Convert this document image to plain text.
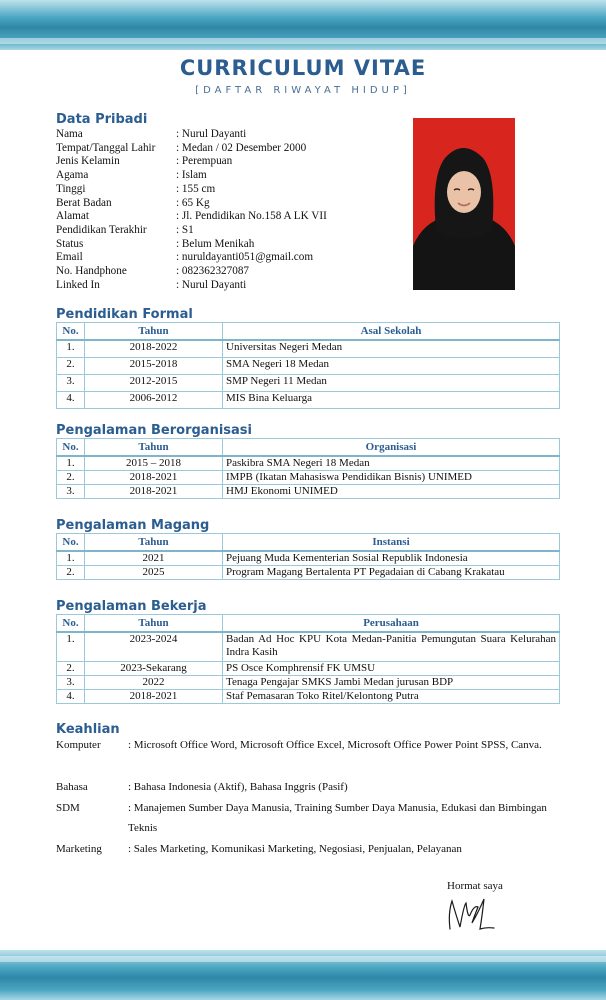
CURRICULUM VITAE
[DAFTAR RIWAYAT HIDUP]
Data Pribadi
Nama	: Nurul Dayanti
Tempat/Tanggal Lahir	: Medan / 02 Desember 2000
Jenis Kelamin	: Perempuan
Agama	: Islam
Tinggi	: 155 cm
Berat Badan	: 65 Kg
Alamat	: Jl. Pendidikan No.158 A LK VII
Pendidikan Terakhir	: S1
Status	: Belum Menikah
Email	: nuruldayanti051@gmail.com
No. Handphone	: 082362327087
Linked In	: Nurul Dayanti
Pendidikan Formal
No.	Tahun	Asal Sekolah
1.	2018-2022	Universitas Negeri Medan
2.	2015-2018	SMA Negeri 18 Medan
3.	2012-2015	SMP Negeri 11 Medan
4.	2006-2012	MIS Bina Keluarga
Pengalaman Berorganisasi
No.	Tahun	Organisasi
1.	2015 – 2018	Paskibra SMA Negeri 18 Medan
2.	2018-2021	IMPB (Ikatan Mahasiswa Pendidikan Bisnis) UNIMED
3.	2018-2021	HMJ Ekonomi UNIMED
Pengalaman Magang
No.	Tahun	Instansi
1.	2021	Pejuang Muda Kementerian Sosial Republik Indonesia
2.	2025	Program Magang Bertalenta PT Pegadaian di Cabang Krakatau
Pengalaman Bekerja
No.	Tahun	Perusahaan
1.	2023-2024	Badan Ad Hoc KPU Kota Medan-Panitia Pemungutan Suara Kelurahan Indra Kasih
2.	2023-Sekarang	PS Osce Komphrensif FK UMSU
3.	2022	Tenaga Pengajar SMKS Jambi Medan jurusan BDP
4.	2018-2021	Staf Pemasaran Toko Ritel/Kelontong Putra
Keahlian
Komputer	: Microsoft Office Word, Microsoft Office Excel, Microsoft Office Power Point SPSS, Canva.
Bahasa	: Bahasa Indonesia (Aktif), Bahasa Inggris (Pasif)
SDM	: Manajemen Sumber Daya Manusia, Training Sumber Daya Manusia, Edukasi dan Bimbingan Teknis
Marketing	: Sales Marketing, Komunikasi Marketing, Negosiasi, Penjualan, Pelayanan
Hormat saya
